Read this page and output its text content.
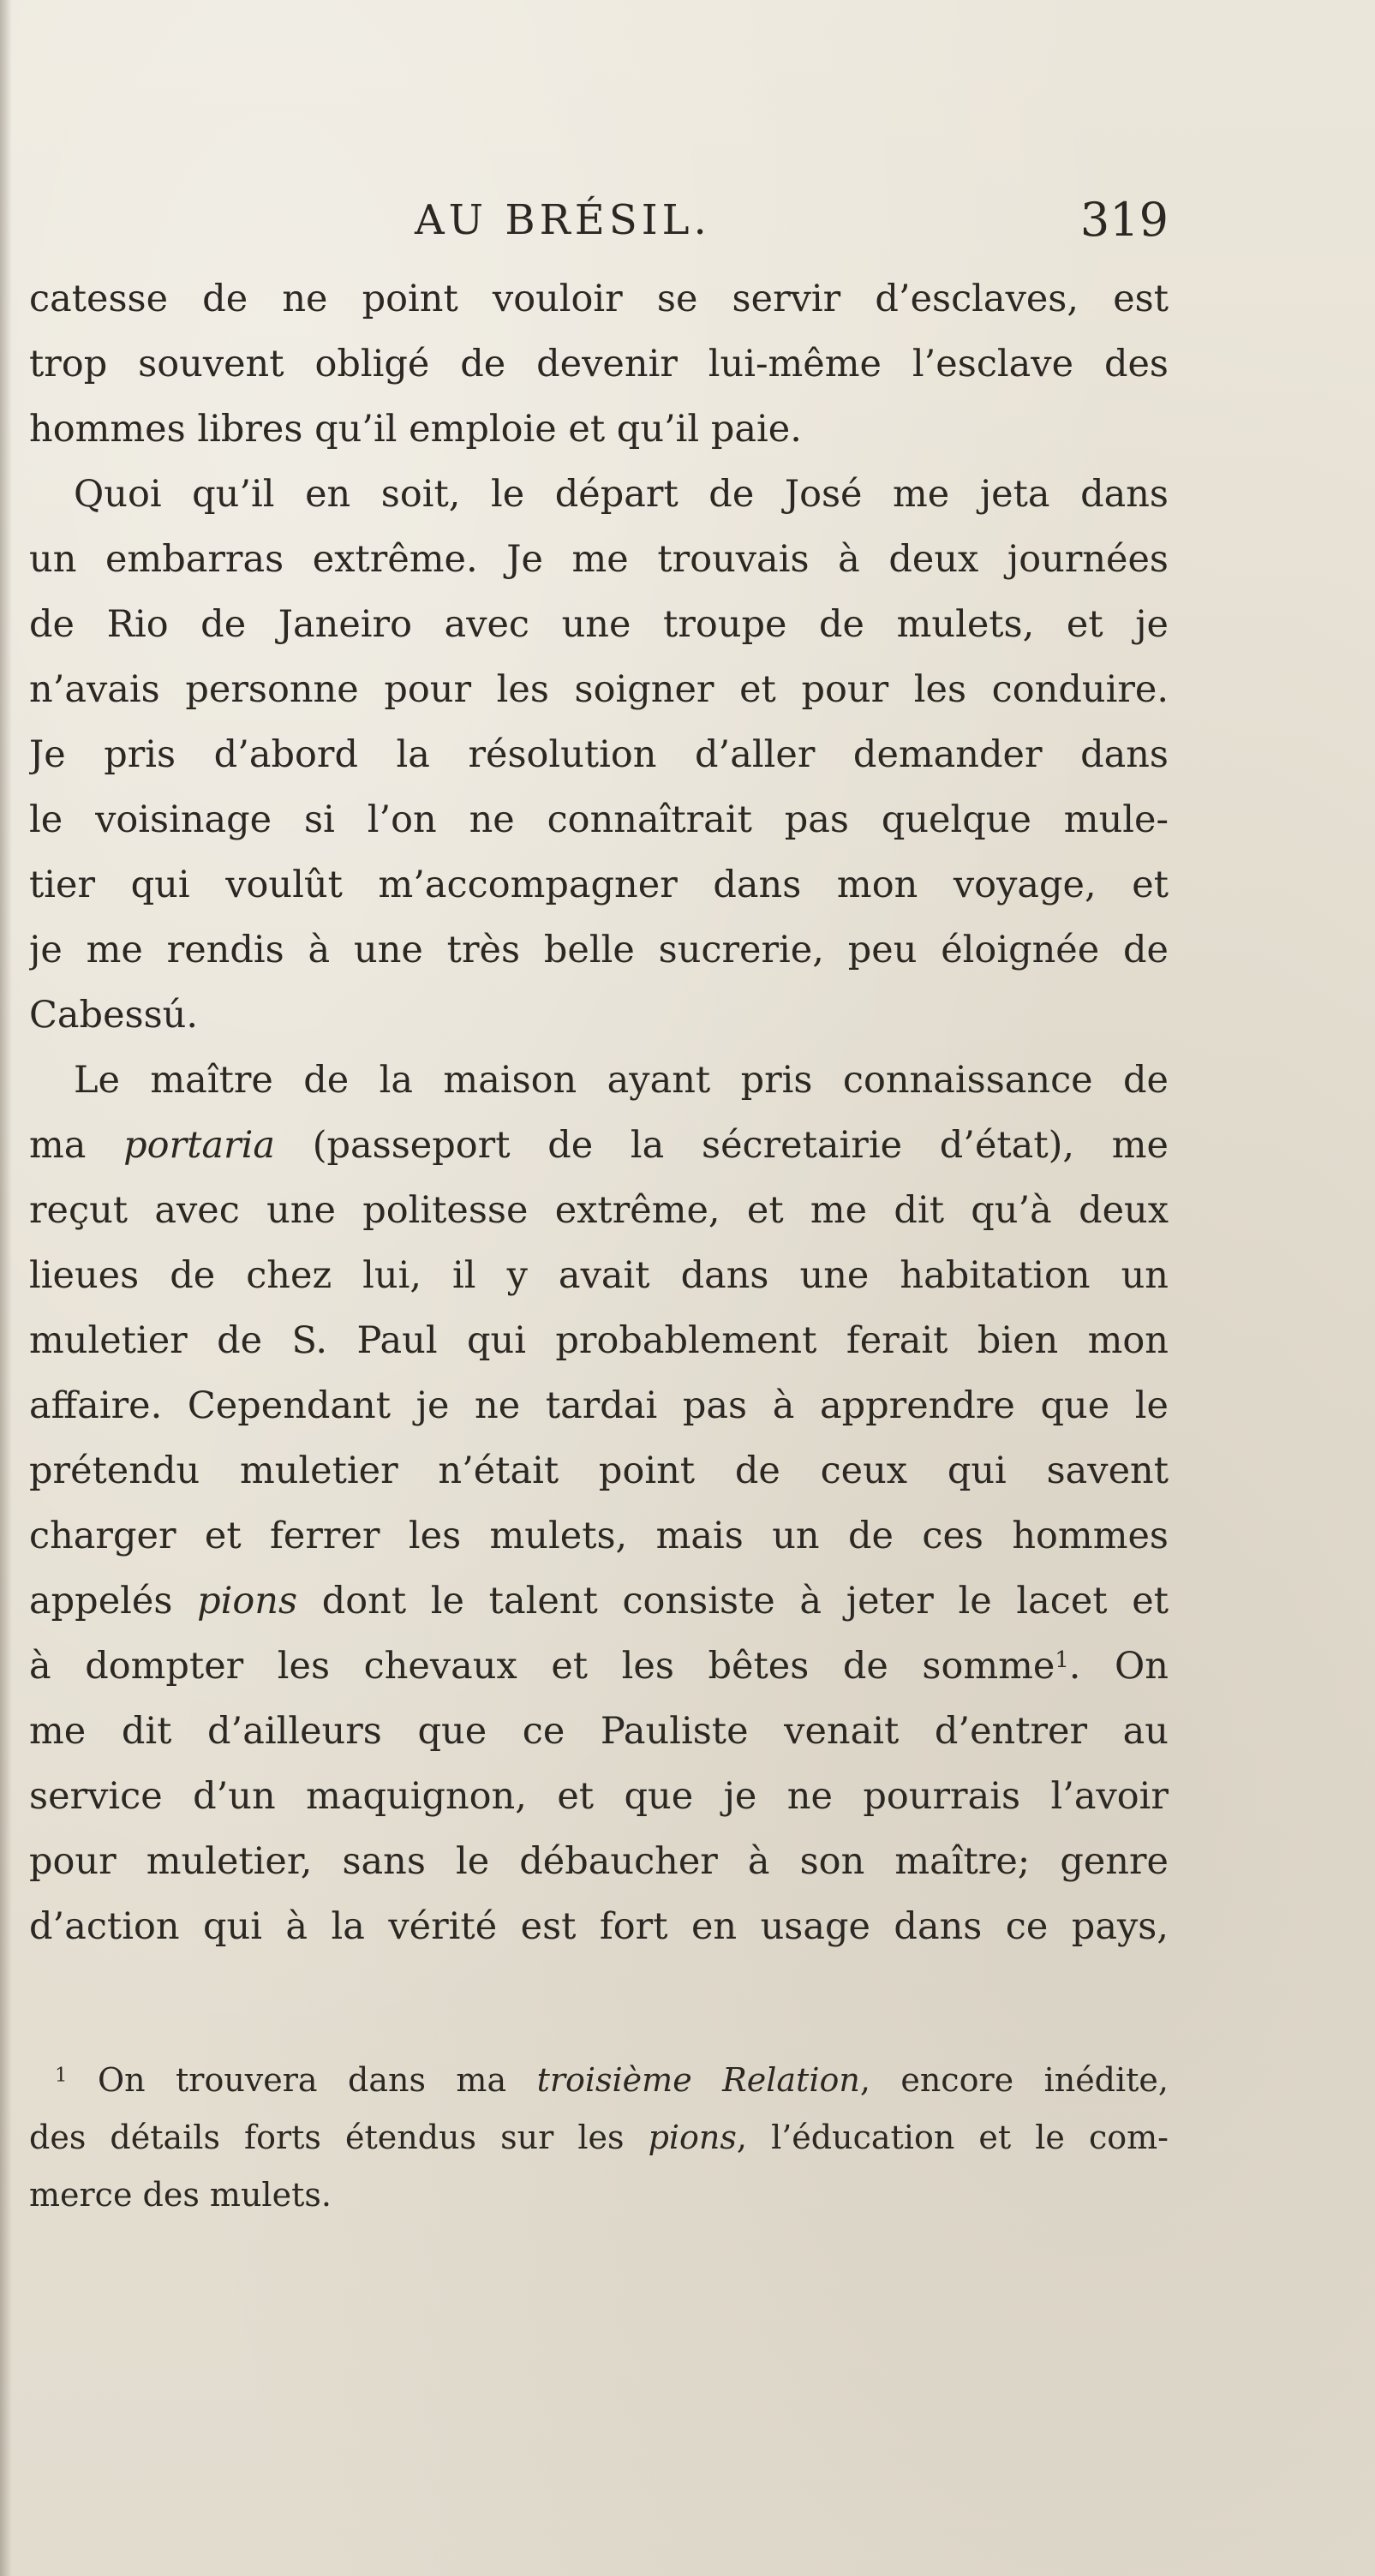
AU BRÉSIL.	319
catesse de ne point vouloir se servir d’esclaves, est
trop souvent obligé de devenir lui-même l’esclave des
hommes libres qu’il emploie et qu’il paie.
Quoi qu’il en soit, le départ de José me jeta dans
un embarras extrême. Je me trouvais à deux journées
de Rio de Janeiro avec une troupe de mulets, et je
n’avais personne pour les soigner et pour les conduire.
Je pris d’abord la résolution d’aller demander dans
le voisinage si l’on ne connaîtrait pas quelque mule-
tier qui voulût m’accompagner dans mon voyage, et
je me rendis à une très belle sucrerie, peu éloignée de
Cabessú.
Le maître de la maison ayant pris connaissance de
ma portaria (passeport de la sécretairie d’état), me
reçut avec une politesse extrême, et me dit qu’à deux
lieues de chez lui, il y avait dans une habitation un
muletier de S. Paul qui probablement ferait bien mon
affaire. Cependant je ne tardai pas à apprendre que le
prétendu muletier n’était point de ceux qui savent
charger et ferrer les mulets, mais un de ces hommes
appelés pions dont le talent consiste à jeter le lacet et
à dompter les chevaux et les bêtes de somme$^1$. On
me dit d’ailleurs que ce Pauliste venait d’entrer au
service d’un maquignon, et que je ne pourrais l’avoir
pour muletier, sans le débaucher à son maître; genre
d’action qui à la vérité est fort en usage dans ce pays,
$^1$ On trouvera dans ma troisième Relation, encore inédite,
des détails forts étendus sur les pions, l’éducation et le com-
merce des mulets.
